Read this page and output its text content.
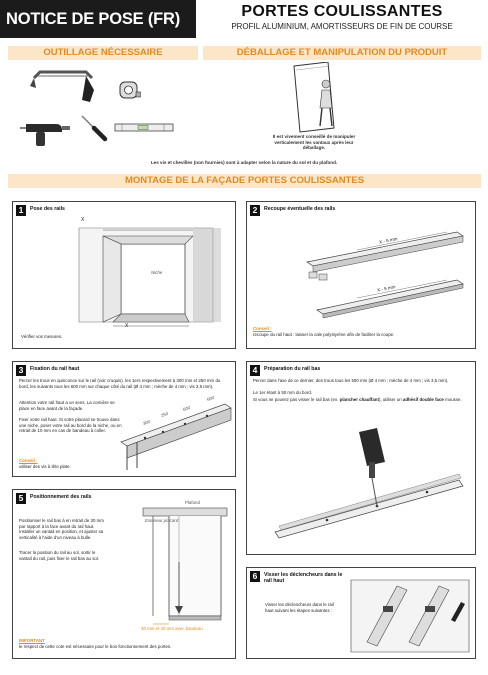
NOTICE DE POSE (FR)	PORTES COULISSANTES
PROFIL ALUMINIUM, AMORTISSEURS DE FIN DE COURSE
OUTILLAGE NÉCESSAIRE	DÉBALLAGE ET MANIPULATION DU PRODUIT
Il est vivement conseillé de manipuler verticalement les vantaux après leur déballage.
Les vis et chevilles (non fournies) sont à adapter selon la nature du sol et du plafond.
MONTAGE DE LA FAÇADE PORTES COULISSANTES
1	Pose des rails
X
Niche
X
Vérifier vos mesures.
2	Recoupe éventuelle des rails
X - 5 mm
X - 5 mm
Conseil :
recoupe du rail haut : laisser la cale polystyrène afin de faciliter la coupe.
3	Fixation du rail haut
Percer les trous en quinconce sur le rail (voir croquis). les 1ers respectivement à 300 mm et 250 mm du bord, les suivants tous les 600 mm sur chaque côté du rail (Ø 4 mm ; mèche de 4 mm ; vis 3,5 mm).
Attention votre rail haut a un sens. La cornière se place en face avant de la façade.
Fixer votre rail haut. Si votre placard se trouve dans une niche, poser votre rail au bord de la niche, ou en retrait de 10 mm en cas de bandeau à coller.
300
250
600
600
Conseil :
utiliser des vis à tête plate.
4	Préparation du rail bas
Percer dans l'axe de ce dernier, des trous tous les 500 mm (Ø 4 mm ; mèche de 4 mm ; vis 3,5 mm).
Le 1er étant à 50 mm du bord.
Si vous ne pouvez pas visser le rail bas (ex. plancher chauffant), utiliser un adhésif double face mousse.
5	Positionnement des rails
Positionner le rail bas à en retrait de 30 mm par rapport à la face avant du rail haut. Installer un vantail en position, et ajuster sa verticalité à l'aide d'un niveau à bulle.
Tracer la position du rail au sol, sortir le vantail du rail, puis fixer le rail bas au sol.
Plafond
Extérieur placard
30 mm et 40 mm avec bandeau
IMPORTANT
le respect de cette cote est nécessaire pour le bon fonctionnement des portes.
6	Visser les déclencheurs dans le rail haut
Visser les déclencheurs dans le rail haut suivant les étapes suivantes :
